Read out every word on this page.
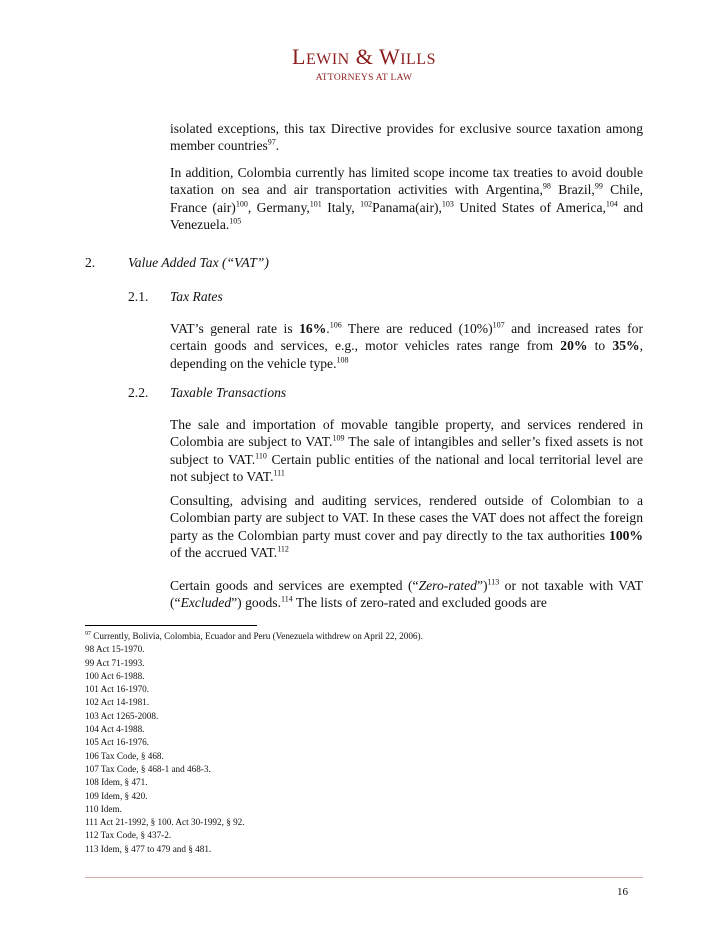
LEWIN & WILLS
ATTORNEYS AT LAW
isolated exceptions, this tax Directive provides for exclusive source taxation among member countries$^{97}$.
In addition, Colombia currently has limited scope income tax treaties to avoid double taxation on sea and air transportation activities with Argentina,$^{98}$ Brazil,$^{99}$ Chile, France (air)$^{100}$, Germany,$^{101}$ Italy, $^{102}$Panama(air),$^{103}$ United States of America,$^{104}$ and Venezuela.$^{105}$
2. Value Added Tax (“VAT”)
2.1. Tax Rates
VAT’s general rate is 16%.$^{106}$ There are reduced $(10\%)^{107}$ and increased rates for certain goods and services, e.g., motor vehicles rates range from 20% to 35%, depending on the vehicle type.$^{108}$
2.2. Taxable Transactions
The sale and importation of movable tangible property, and services rendered in Colombia are subject to VAT.$^{109}$ The sale of intangibles and seller’s fixed assets is not subject to VAT.$^{110}$ Certain public entities of the national and local territorial level are not subject to VAT.$^{111}$
Consulting, advising and auditing services, rendered outside of Colombian to a Colombian party are subject to VAT. In these cases the VAT does not affect the foreign party as the Colombian party must cover and pay directly to the tax authorities 100% of the accrued VAT.$^{112}$
Certain goods and services are exempted (“Zero-rated”)$^{113}$ or not taxable with VAT (“Excluded”) goods.$^{114}$ The lists of zero-rated and excluded goods are
$^{97}$ Currently, Bolivia, Colombia, Ecuador and Peru (Venezuela withdrew on April 22, 2006).
98 Act 15-1970.
99 Act 71-1993.
100 Act 6-1988.
101 Act 16-1970.
102 Act 14-1981.
103 Act 1265-2008.
104 Act 4-1988.
105 Act 16-1976.
106 Tax Code, § 468.
107 Tax Code, § 468-1 and 468-3.
108 Idem, § 471.
109 Idem, § 420.
110 Idem.
111 Act 21-1992, § 100. Act 30-1992, § 92.
112 Tax Code, § 437-2.
113 Idem, § 477 to 479 and § 481.
16
